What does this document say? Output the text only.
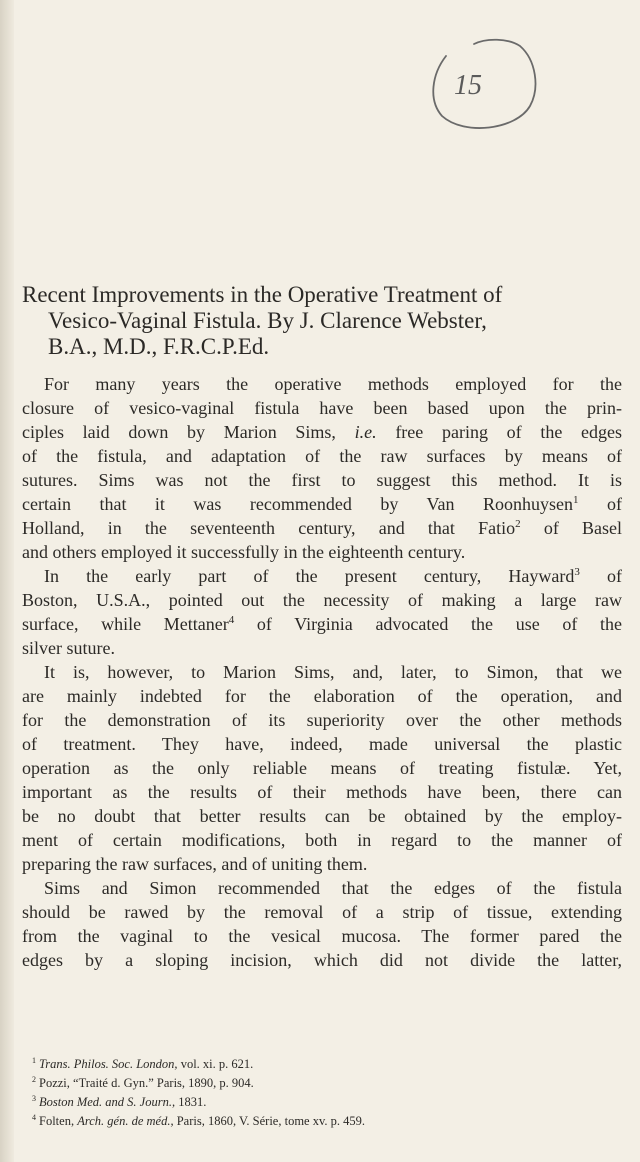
15
Recent Improvements in the Operative Treatment of
Vesico-Vaginal Fistula. By J. Clarence Webster,
B.A., M.D., F.R.C.P.Ed.
For many years the operative methods employed for the
closure of vesico-vaginal fistula have been based upon the prin-
ciples laid down by Marion Sims, i.e. free paring of the edges
of the fistula, and adaptation of the raw surfaces by means of
sutures. Sims was not the first to suggest this method. It is
certain that it was recommended by Van Roonhuysen$^1$ of
Holland, in the seventeenth century, and that Fatio$^2$ of Basel
and others employed it successfully in the eighteenth century.
In the early part of the present century, Hayward$^3$ of
Boston, U.S.A., pointed out the necessity of making a large raw
surface, while Mettaner$^4$ of Virginia advocated the use of the
silver suture.
It is, however, to Marion Sims, and, later, to Simon, that we
are mainly indebted for the elaboration of the operation, and
for the demonstration of its superiority over the other methods
of treatment. They have, indeed, made universal the plastic
operation as the only reliable means of treating fistulæ. Yet,
important as the results of their methods have been, there can
be no doubt that better results can be obtained by the employ-
ment of certain modifications, both in regard to the manner of
preparing the raw surfaces, and of uniting them.
Sims and Simon recommended that the edges of the fistula
should be rawed by the removal of a strip of tissue, extending
from the vaginal to the vesical mucosa. The former pared the
edges by a sloping incision, which did not divide the latter,
$^1$ Trans. Philos. Soc. London, vol. xi. p. 621.
$^2$ Pozzi, “Traité d. Gyn.” Paris, 1890, p. 904.
$^3$ Boston Med. and S. Journ., 1831.
$^4$ Folten, Arch. gén. de méd., Paris, 1860, V. Série, tome xv. p. 459.
